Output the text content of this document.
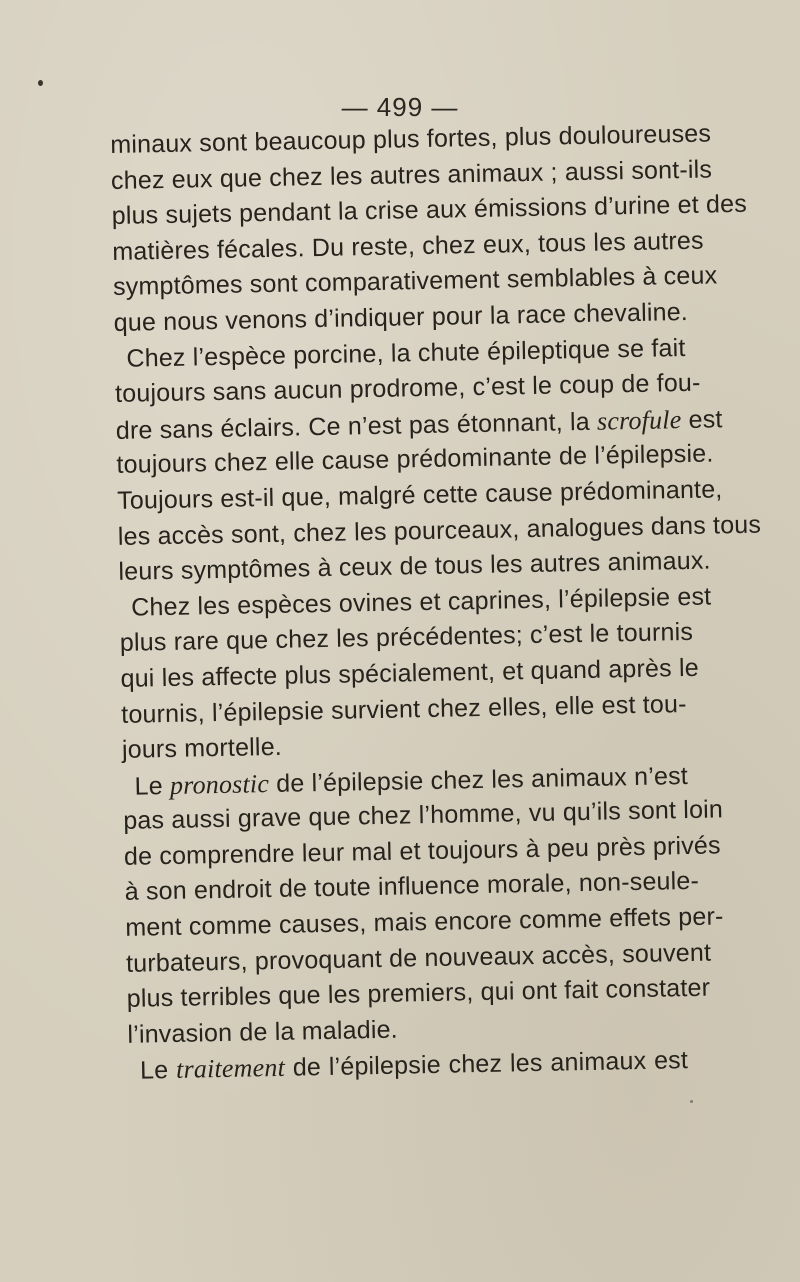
— 499 —
minaux sont beaucoup plus fortes, plus douloureuses
chez eux que chez les autres animaux ; aussi sont-ils
plus sujets pendant la crise aux émissions d’urine et des
matières fécales. Du reste, chez eux, tous les autres
symptômes sont comparativement semblables à ceux
que nous venons d’indiquer pour la race chevaline.
Chez l’espèce porcine, la chute épileptique se fait
toujours sans aucun prodrome, c’est le coup de fou-
dre sans éclairs. Ce n’est pas étonnant, la scrofule est
toujours chez elle cause prédominante de l’épilepsie.
Toujours est-il que, malgré cette cause prédominante,
les accès sont, chez les pourceaux, analogues dans tous
leurs symptômes à ceux de tous les autres animaux.
Chez les espèces ovines et caprines, l’épilepsie est
plus rare que chez les précédentes; c’est le tournis
qui les affecte plus spécialement, et quand après le
tournis, l’épilepsie survient chez elles, elle est tou-
jours mortelle.
Le pronostic de l’épilepsie chez les animaux n’est
pas aussi grave que chez l’homme, vu qu’ils sont loin
de comprendre leur mal et toujours à peu près privés
à son endroit de toute influence morale, non-seule-
ment comme causes, mais encore comme effets per-
turbateurs, provoquant de nouveaux accès, souvent
plus terribles que les premiers, qui ont fait constater
l’invasion de la maladie.
Le traitement de l’épilepsie chez les animaux est
